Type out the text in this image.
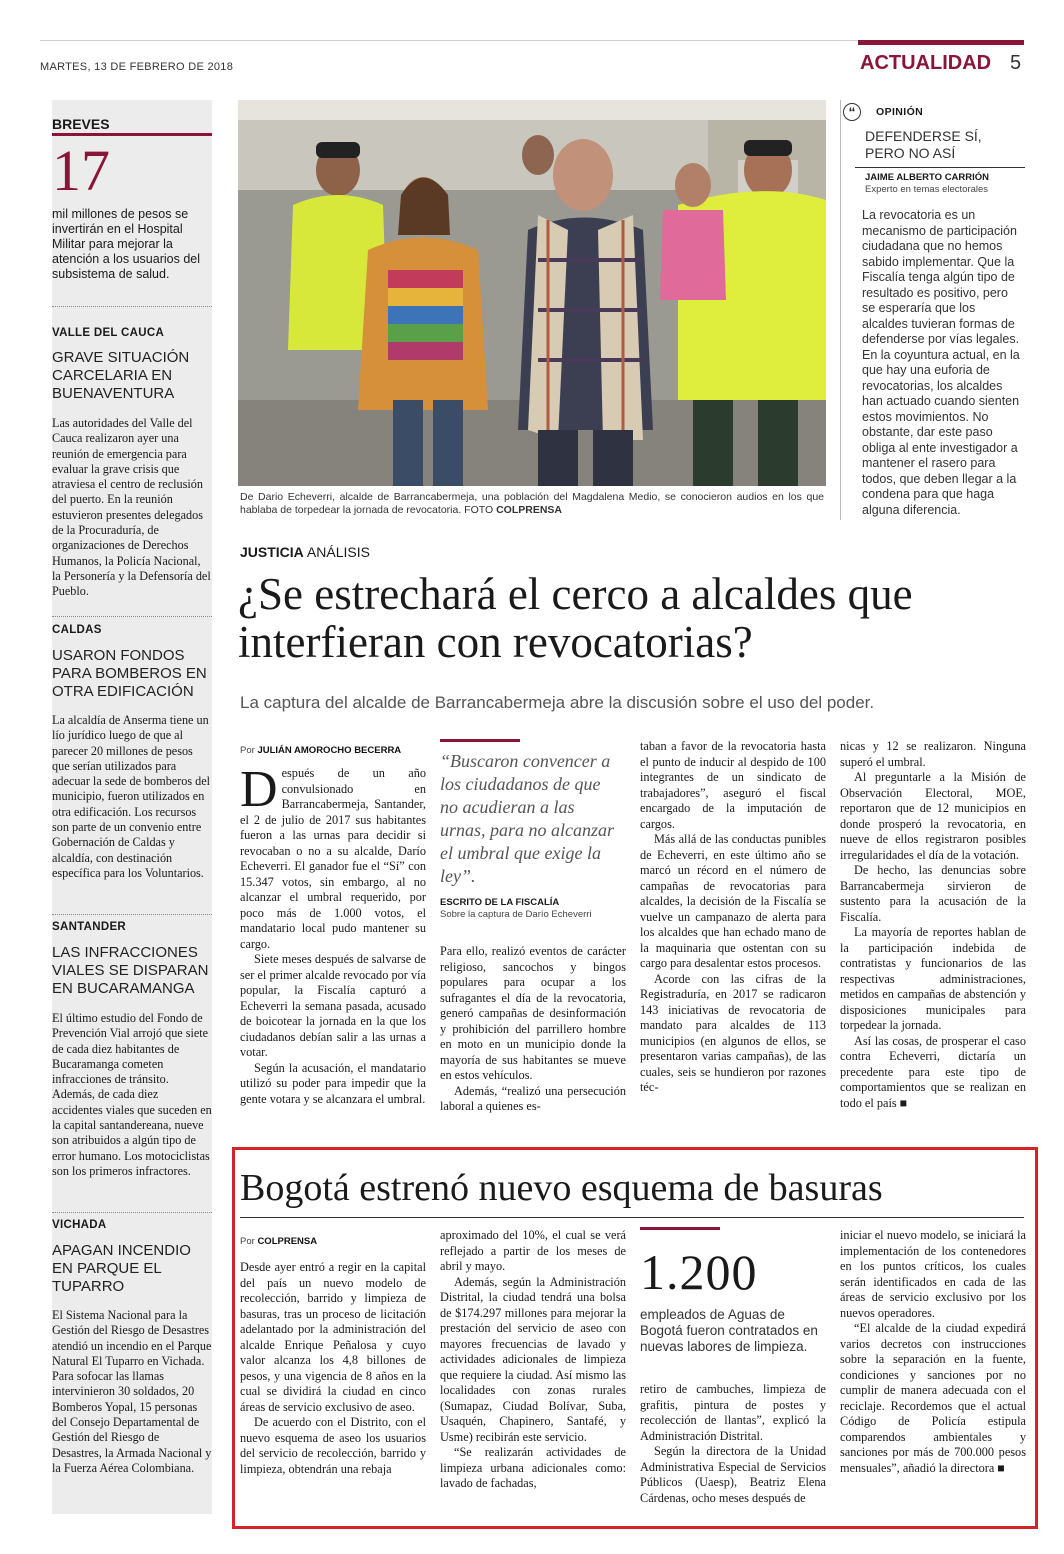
MARTES, 13 DE FEBRERO DE 2018	ACTUALIDAD 5
BREVES
17
mil millones de pesos se invertirán en el Hospital Militar para mejorar la atención a los usuarios del subsistema de salud.
VALLE DEL CAUCA
GRAVE SITUACIÓN CARCELARIA EN BUENAVENTURA
Las autoridades del Valle del Cauca realizaron ayer una reunión de emergencia para evaluar la grave crisis que atraviesa el centro de reclusión del puerto. En la reunión estuvieron presentes delegados de la Procuraduría, de organizaciones de Derechos Humanos, la Policía Nacional, la Personería y la Defensoría del Pueblo.
CALDAS
USARON FONDOS PARA BOMBEROS EN OTRA EDIFICACIÓN
La alcaldía de Anserma tiene un lío jurídico luego de que al parecer 20 millones de pesos que serían utilizados para adecuar la sede de bomberos del municipio, fueron utilizados en otra edificación. Los recursos son parte de un convenio entre Gobernación de Caldas y alcaldía, con destinación específica para los Voluntarios.
SANTANDER
LAS INFRACCIONES VIALES SE DISPARAN EN BUCARAMANGA
El último estudio del Fondo de Prevención Vial arrojó que siete de cada diez habitantes de Bucaramanga cometen infracciones de tránsito. Además, de cada diez accidentes viales que suceden en la capital santandereana, nueve son atribuidos a algún tipo de error humano. Los motociclistas son los primeros infractores.
VICHADA
APAGAN INCENDIO EN PARQUE EL TUPARRO
El Sistema Nacional para la Gestión del Riesgo de Desastres atendió un incendio en el Parque Natural El Tuparro en Vichada. Para sofocar las llamas intervinieron 30 soldados, 20 Bomberos Yopal, 15 personas del Consejo Departamental de Gestión del Riesgo de Desastres, la Armada Nacional y la Fuerza Aérea Colombiana.
De Dario Echeverri, alcalde de Barrancabermeja, una población del Magdalena Medio, se conocieron audios en los que hablaba de torpedear la jornada de revocatoria. FOTO COLPRENSA
“	OPINIÓN
DEFENDERSE SÍ, PERO NO ASÍ
JAIME ALBERTO CARRIÓN
Experto en temas electorales
La revocatoria es un mecanismo de participación ciudadana que no hemos sabido implementar. Que la Fiscalía tenga algún tipo de resultado es positivo, pero se esperaría que los alcaldes tuvieran formas de defenderse por vías legales. En la coyuntura actual, en la que hay una euforia de revocatorias, los alcaldes han actuado cuando sienten estos movimientos. No obstante, dar este paso obliga al ente investigador a mantener el rasero para todos, que deben llegar a la condena para que haga alguna diferencia.
JUSTICIA ANÁLISIS
¿Se estrechará el cerco a alcaldes que interfieran con revocatorias?
La captura del alcalde de Barrancabermeja abre la discusión sobre el uso del poder.
Por JULIÁN AMOROCHO BECERRA

Después de un año convulsionado en Barrancabermeja, Santander, el 2 de julio de 2017 sus habitantes fueron a las urnas para decidir si revocaban o no a su alcalde, Darío Echeverri. El ganador fue el “Sí” con 15.347 votos, sin embargo, al no alcanzar el umbral requerido, por poco más de 1.000 votos, el mandatario local pudo mantener su cargo.

Siete meses después de salvarse de ser el primer alcalde revocado por vía popular, la Fiscalía capturó a Echeverri la semana pasada, acusado de boicotear la jornada en la que los ciudadanos debían salir a las urnas a votar.

Según la acusación, el mandatario utilizó su poder para impedir que la gente votara y se alcanzara el umbral.

“Buscaron convencer a los ciudadanos de que no acudieran a las urnas, para no alcanzar el umbral que exige la ley”.
ESCRITO DE LA FISCALÍA
Sobre la captura de Darío Echeverri

Para ello, realizó eventos de carácter religioso, sancochos y bingos populares para ocupar a los sufragantes el día de la revocatoria, generó campañas de desinformación y prohibición del parrillero hombre en moto en un municipio donde la mayoría de sus habitantes se mueve en estos vehículos.

Además, “realizó una persecución laboral a quienes es-

taban a favor de la revocatoria hasta el punto de inducir al despido de 100 integrantes de un sindicato de trabajadores”, aseguró el fiscal encargado de la imputación de cargos.

Más allá de las conductas punibles de Echeverri, en este último año se marcó un récord en el número de campañas de revocatorias para alcaldes, la decisión de la Fiscalía se vuelve un campanazo de alerta para los alcaldes que han echado mano de la maquinaria que ostentan con su cargo para desalentar estos procesos.

Acorde con las cifras de la Registraduría, en 2017 se radicaron 143 iniciativas de revocatoria de mandato para alcaldes de 113 municipios (en algunos de ellos, se presentaron varias campañas), de las cuales, seis se hundieron por razones téc-

nicas y 12 se realizaron. Ninguna superó el umbral.

Al preguntarle a la Misión de Observación Electoral, MOE, reportaron que de 12 municipios en donde prosperó la revocatoria, en nueve de ellos registraron posibles irregularidades el día de la votación.

De hecho, las denuncias sobre Barrancabermeja sirvieron de sustento para la acusación de la Fiscalía.

La mayoría de reportes hablan de la participación indebida de contratistas y funcionarios de las respectivas administraciones, metidos en campañas de abstención y disposiciones municipales para torpedear la jornada.

Así las cosas, de prosperar el caso contra Echeverri, dictaría un precedente para este tipo de comportamientos que se realizan en todo el país ■

Bogotá estrenó nuevo esquema de basuras
Por COLPRENSA

Desde ayer entró a regir en la capital del país un nuevo modelo de recolección, barrido y limpieza de basuras, tras un proceso de licitación adelantado por la administración del alcalde Enrique Peñalosa y cuyo valor alcanza los 4,8 billones de pesos, y una vigencia de 8 años en la cual se dividirá la ciudad en cinco áreas de servicio exclusivo de aseo.

De acuerdo con el Distrito, con el nuevo esquema de aseo los usuarios del servicio de recolección, barrido y limpieza, obtendrán una rebaja

aproximado del 10%, el cual se verá reflejado a partir de los meses de abril y mayo.

Además, según la Administración Distrital, la ciudad tendrá una bolsa de $174.297 millones para mejorar la prestación del servicio de aseo con mayores frecuencias de lavado y actividades adicionales de limpieza que requiere la ciudad. Así mismo las localidades con zonas rurales (Sumapaz, Ciudad Bolívar, Suba, Usaquén, Chapinero, Santafé, y Usme) recibirán este servicio.

“Se realizarán actividades de limpieza urbana adicionales como: lavado de fachadas,

1.200
empleados de Aguas de Bogotá fueron contratados en nuevas labores de limpieza.

retiro de cambuches, limpieza de grafitis, pintura de postes y recolección de llantas”, explicó la Administración Distrital.

Según la directora de la Unidad Administrativa Especial de Servicios Públicos (Uaesp), Beatriz Elena Cárdenas, ocho meses después de

iniciar el nuevo modelo, se iniciará la implementación de los contenedores en los puntos críticos, los cuales serán identificados en cada de las áreas de servicio exclusivo por los nuevos operadores.

“El alcalde de la ciudad expedirá varios decretos con instrucciones sobre la separación en la fuente, condiciones y sanciones por no cumplir de manera adecuada con el reciclaje. Recordemos que el actual Código de Policía estipula comparendos ambientales y sanciones por más de 700.000 pesos mensuales”, añadió la directora ■
